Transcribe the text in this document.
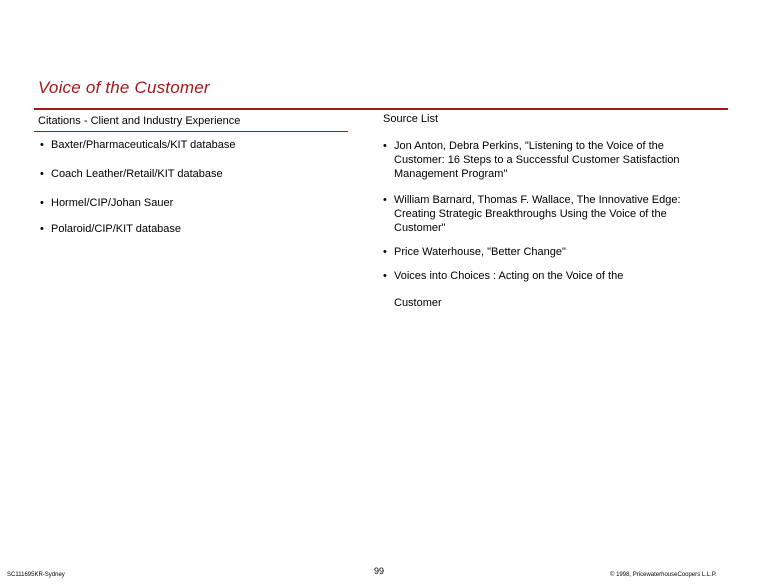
Voice of the Customer
Citations - Client and Industry Experience
• Baxter/Pharmaceuticals/KIT database
• Coach Leather/Retail/KIT database
• Hormel/CIP/Johan Sauer
• Polaroid/CIP/KIT database
Source List
• Jon Anton, Debra Perkins, "Listening to the Voice of the Customer: 16 Steps to a Successful Customer Satisfaction Management Program"
• William Barnard, Thomas F. Wallace, The Innovative Edge: Creating Strategic Breakthroughs Using the Voice of the Customer"
• Price Waterhouse, "Better Change"
• Voices into Choices : Acting on the Voice of the
Customer
SC111695KR-Sydney	99	© 1998, PricewaterhouseCoopers L.L.P.
